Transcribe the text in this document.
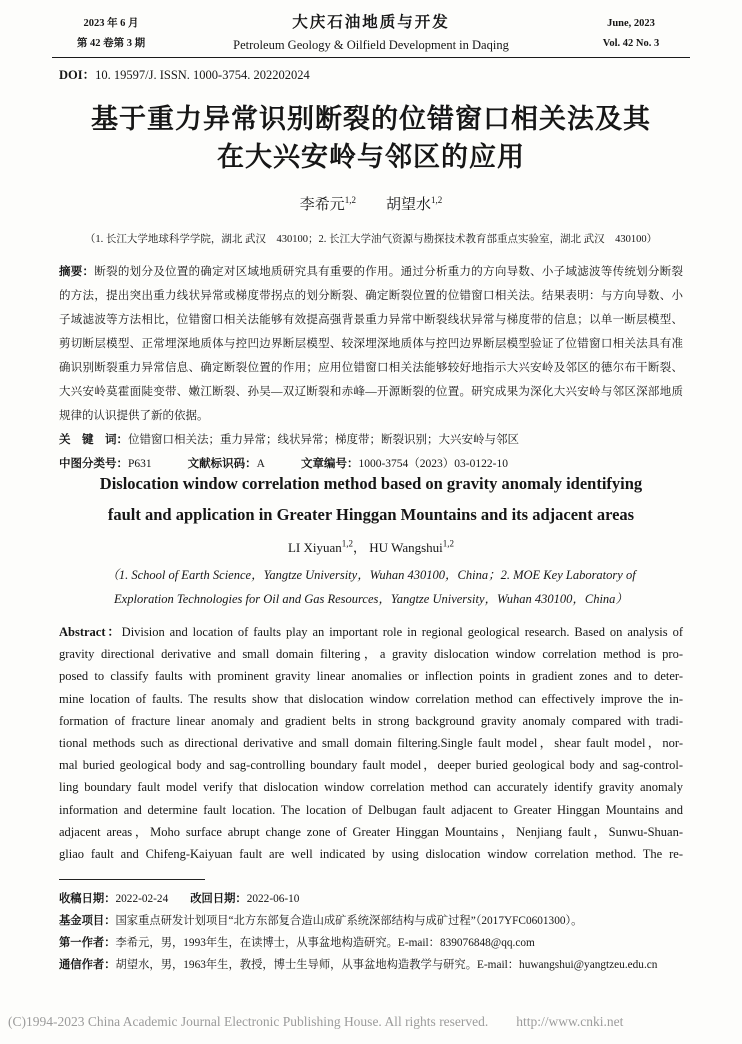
2023 年 6 月
第 42 卷第 3 期
大庆石油地质与开发
Petroleum Geology & Oilfield Development in Daqing
June, 2023
Vol. 42 No. 3
DOI：10. 19597/J. ISSN. 1000-3754. 202202024
基于重力异常识别断裂的位错窗口相关法及其
在大兴安岭与邻区的应用
李希元$^{1,2}$ 胡望水$^{1,2}$
（1. 长江大学地球科学学院，湖北 武汉　430100；2. 长江大学油气资源与勘探技术教育部重点实验室，湖北 武汉　430100）
摘要：断裂的划分及位置的确定对区域地质研究具有重要的作用。通过分析重力的方向导数、小子域滤波等传统划分断裂
的方法，提出突出重力线状异常或梯度带拐点的划分断裂、确定断裂位置的位错窗口相关法。结果表明：与方向导数、小
子域滤波等方法相比，位错窗口相关法能够有效提高强背景重力异常中断裂线状异常与梯度带的信息；以单一断层模型、
剪切断层模型、正常埋深地质体与控凹边界断层模型、较深埋深地质体与控凹边界断层模型验证了位错窗口相关法具有准
确识别断裂重力异常信息、确定断裂位置的作用；应用位错窗口相关法能够较好地指示大兴安岭及邻区的德尔布干断裂、
大兴安岭莫霍面陡变带、嫩江断裂、孙吴—双辽断裂和赤峰—开源断裂的位置。研究成果为深化大兴安岭与邻区深部地质
规律的认识提供了新的依据。
关　键　词：位错窗口相关法；重力异常；线状异常；梯度带；断裂识别；大兴安岭与邻区
中图分类号：P631	文献标识码：A	文章编号：1000-3754（2023）03-0122-10
Dislocation window correlation method based on gravity anomaly identifying
fault and application in Greater Hinggan Mountains and its adjacent areas
LI Xiyuan$^{1,2}$， HU Wangshui$^{1,2}$
（1. School of Earth Science，Yangtze University，Wuhan 430100，China；2. MOE Key Laboratory of
Exploration Technologies for Oil and Gas Resources，Yangtze University，Wuhan 430100，China）
Abstract：Division and location of faults play an important role in regional geological research. Based on analysis of
gravity directional derivative and small domain filtering，a gravity dislocation window correlation method is pro-
posed to classify faults with prominent gravity linear anomalies or inflection points in gradient zones and to deter-
mine location of faults. The results show that dislocation window correlation method can effectively improve the in-
formation of fracture linear anomaly and gradient belts in strong background gravity anomaly compared with tradi-
tional methods such as directional derivative and small domain filtering.Single fault model，shear fault model，nor-
mal buried geological body and sag-controlling boundary fault model，deeper buried geological body and sag-control-
ling boundary fault model verify that dislocation window correlation method can accurately identify gravity anomaly
information and determine fault location. The location of Delbugan fault adjacent to Greater Hinggan Mountains and
adjacent areas，Moho surface abrupt change zone of Greater Hinggan Mountains，Nenjiang fault，Sunwu-Shuan-
gliao fault and Chifeng-Kaiyuan fault are well indicated by using dislocation window correlation method. The re-
收稿日期：2022-02-24 改回日期：2022-06-10
基金项目：国家重点研发计划项目“北方东部复合造山成矿系统深部结构与成矿过程”（2017YFC0601300）。
第一作者：李希元，男，1993年生，在读博士，从事盆地构造研究。E-mail：839076848@qq.com
通信作者：胡望水，男，1963年生，教授，博士生导师，从事盆地构造教学与研究。E-mail：huwangshui@yangtzeu.edu.cn
(C)1994-2023 China Academic Journal Electronic Publishing House. All rights reserved. http://www.cnki.net
